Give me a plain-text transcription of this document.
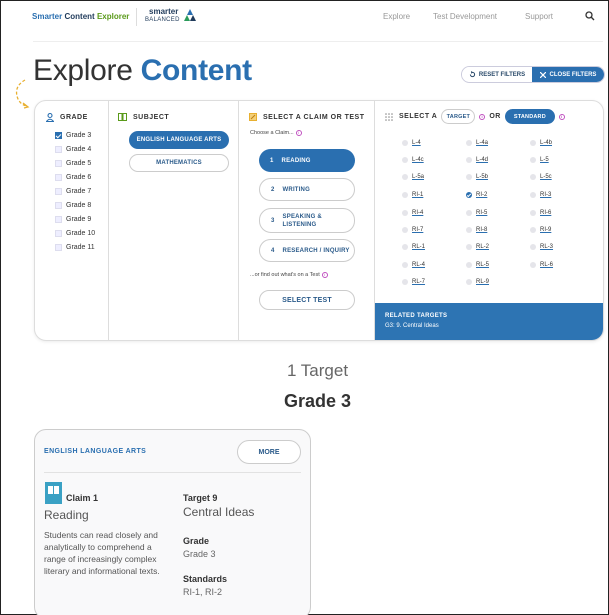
Smarter Content Explorer
smarter
BALANCED	Explore	Test Development	Support
Explore Content	RESET FILTERS	CLOSE FILTERS
GRADE
Grade 3
Grade 4
Grade 5
Grade 6
Grade 7
Grade 8
Grade 9
Grade 10
Grade 11
SUBJECT
ENGLISH LANGUAGE ARTS
MATHEMATICS
SELECT A CLAIM OR TEST
Choose a Claim...	i
1 READING
2 WRITING
3
SPEAKING & LISTENING
4 RESEARCH / INQUIRY
...or find out what's on a Test	i
SELECT TEST
SELECT A	TARGET	i OR	STANDARD	i
L-4	L-4a	L-4b
L-4c	L-4d	L-5
L-5a	L-5b	L-5c
RI-1	RI-2	RI-3
RI-4	RI-5	RI-6
RI-7	RI-8	RI-9
RL-1	RL-2	RL-3
RL-4	RL-5	RL-6
RL-7	RL-9
RELATED TARGETS
G3: 9. Central Ideas
1 Target
Grade 3
ENGLISH LANGUAGE ARTS	MORE
Claim 1
Reading
Students can read closely and analytically to comprehend a range of increasingly complex literary and informational texts.
Target 9
Central Ideas
Grade
Grade 3
Standards
RI-1, RI-2
